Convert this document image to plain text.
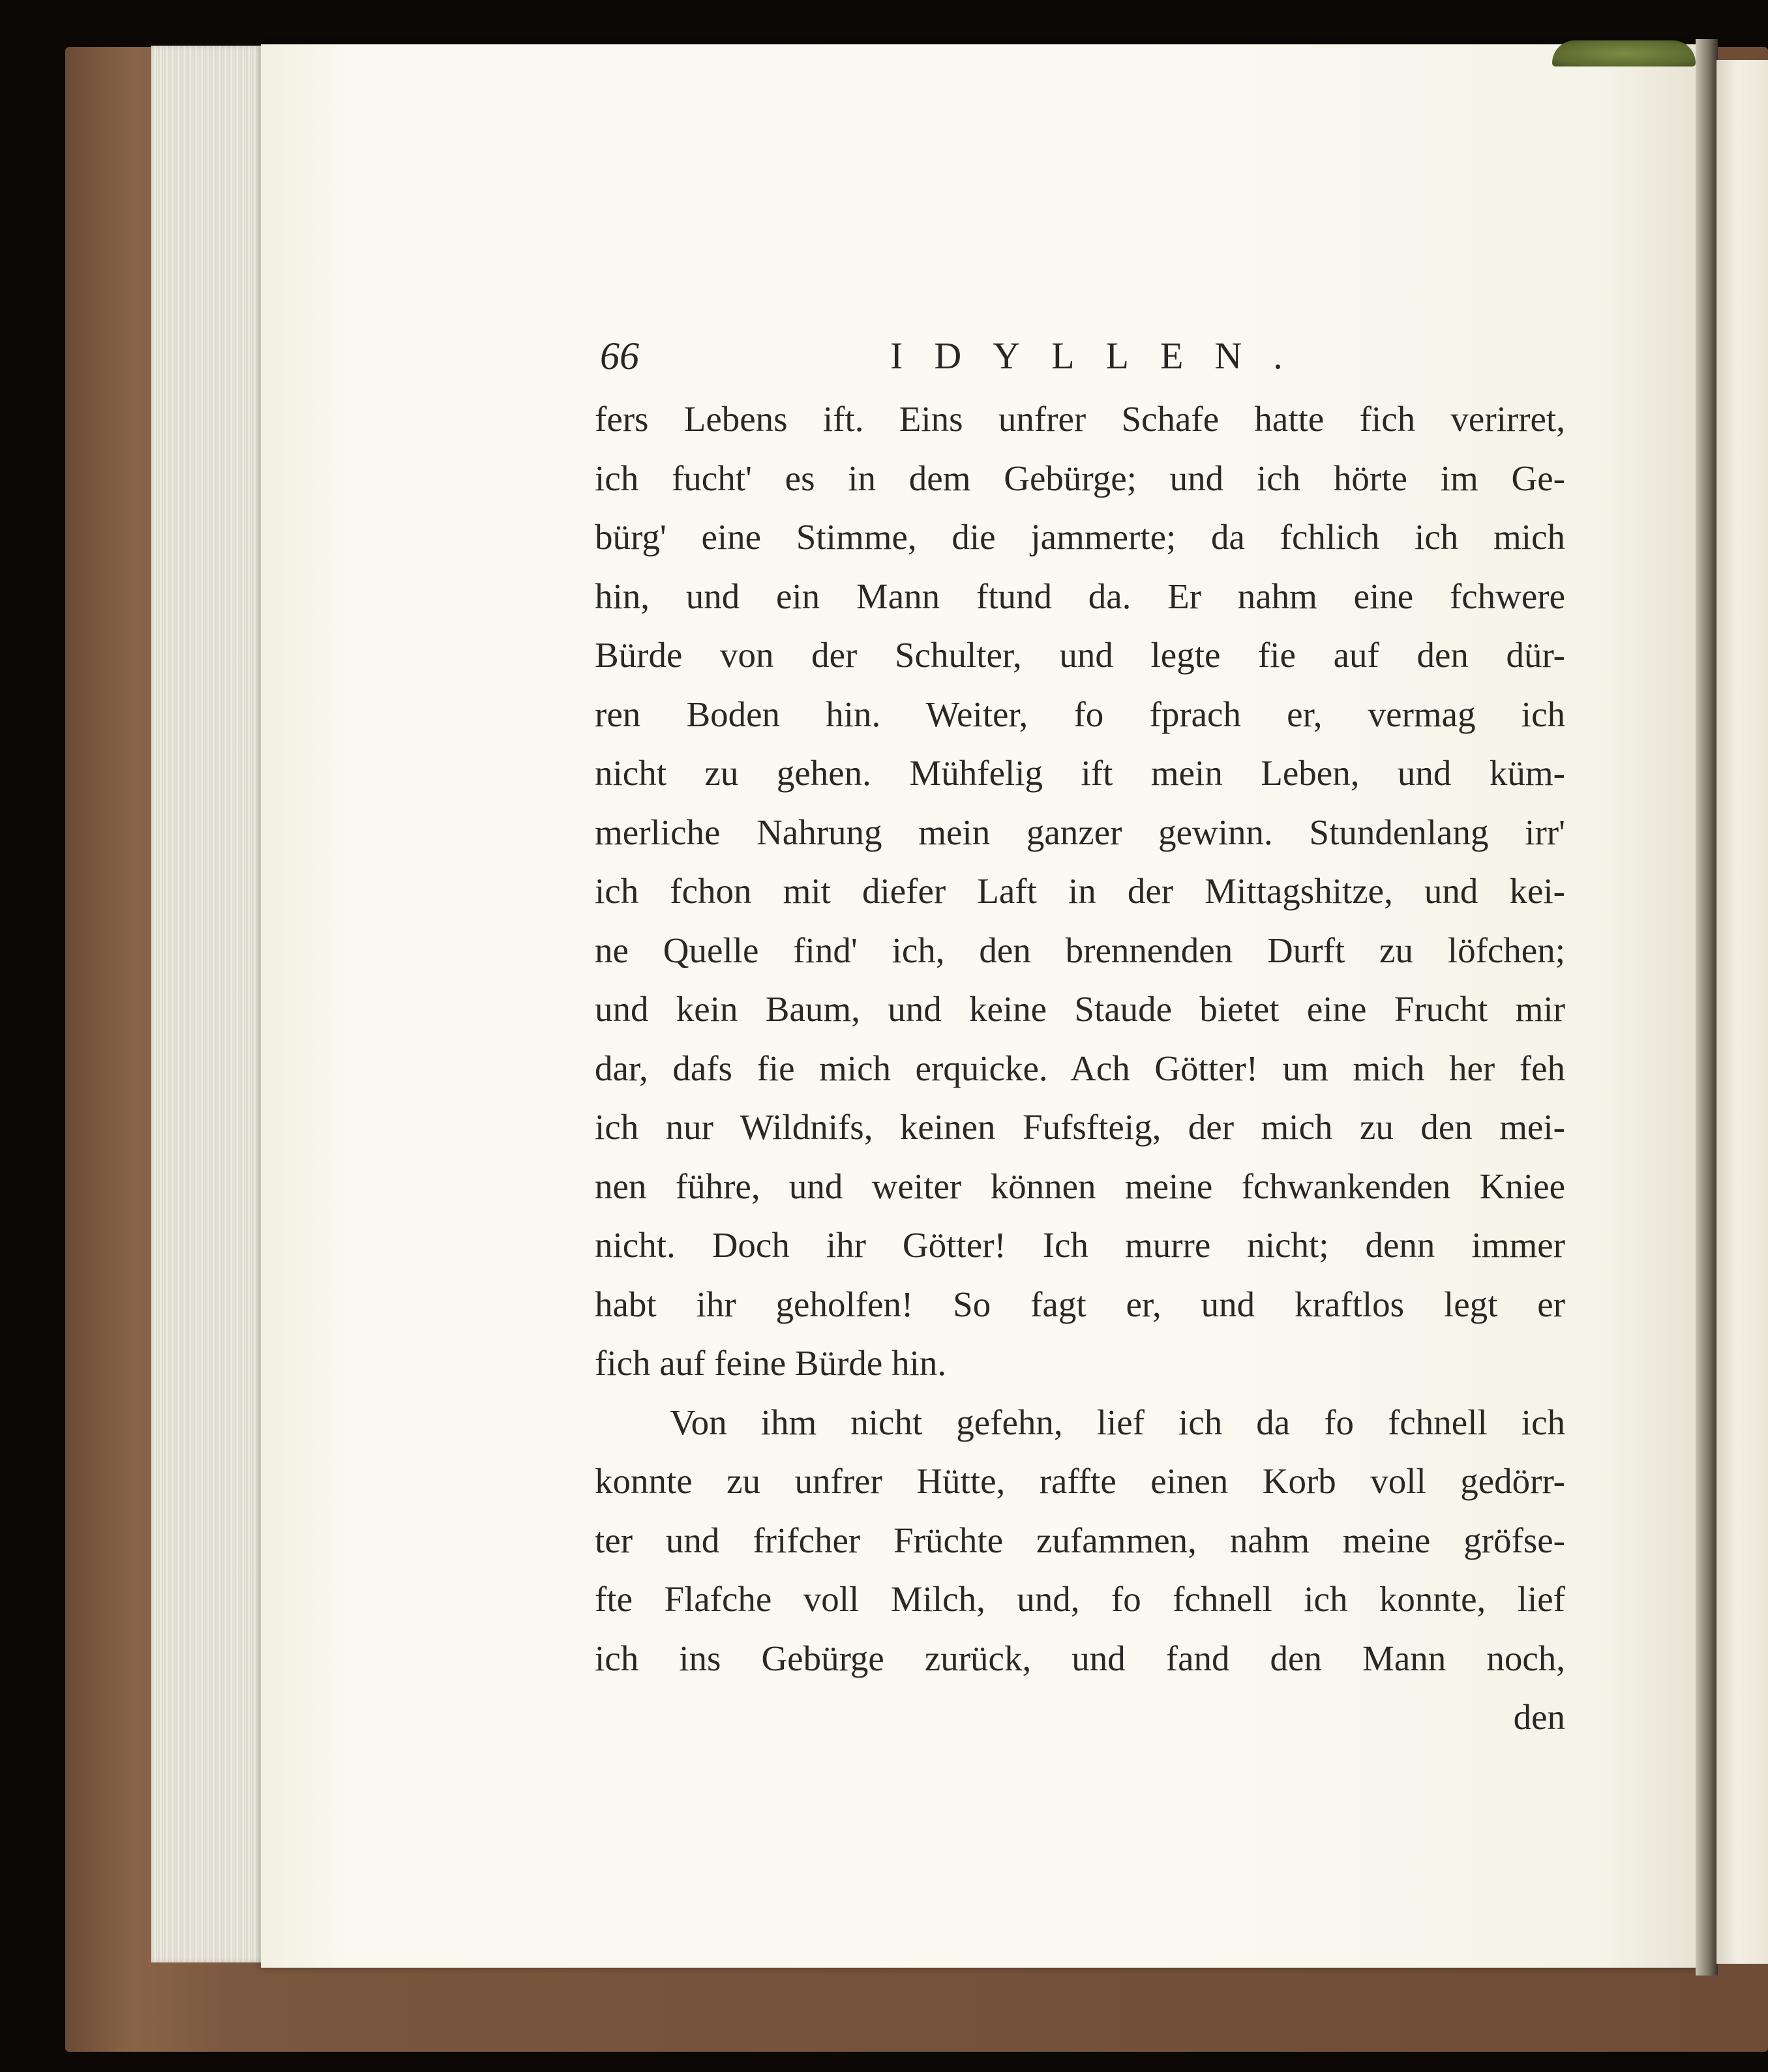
66	IDYLLEN.
fers Lebens ift. Eins unfrer Schafe hatte fich verirret,
ich fucht' es in dem Gebürge; und ich hörte im Ge-
bürg' eine Stimme, die jammerte; da fchlich ich mich
hin, und ein Mann ftund da. Er nahm eine fchwere
Bürde von der Schulter, und legte fie auf den dür-
ren Boden hin. Weiter, fo fprach er, vermag ich
nicht zu gehen. Mühfelig ift mein Leben, und küm-
merliche Nahrung mein ganzer gewinn. Stundenlang irr'
ich fchon mit diefer Laft in der Mittagshitze, und kei-
ne Quelle find' ich, den brennenden Durft zu löfchen;
und kein Baum, und keine Staude bietet eine Frucht mir
dar, dafs fie mich erquicke. Ach Götter! um mich her feh
ich nur Wildnifs, keinen Fufsfteig, der mich zu den mei-
nen führe, und weiter können meine fchwankenden Kniee
nicht. Doch ihr Götter! Ich murre nicht; denn immer
habt ihr geholfen! So fagt er, und kraftlos legt er
fich auf feine Bürde hin.
Von ihm nicht gefehn, lief ich da fo fchnell ich
konnte zu unfrer Hütte, raffte einen Korb voll gedörr-
ter und frifcher Früchte zufammen, nahm meine gröfse-
fte Flafche voll Milch, und, fo fchnell ich konnte, lief
ich ins Gebürge zurück, und fand den Mann noch,
den
